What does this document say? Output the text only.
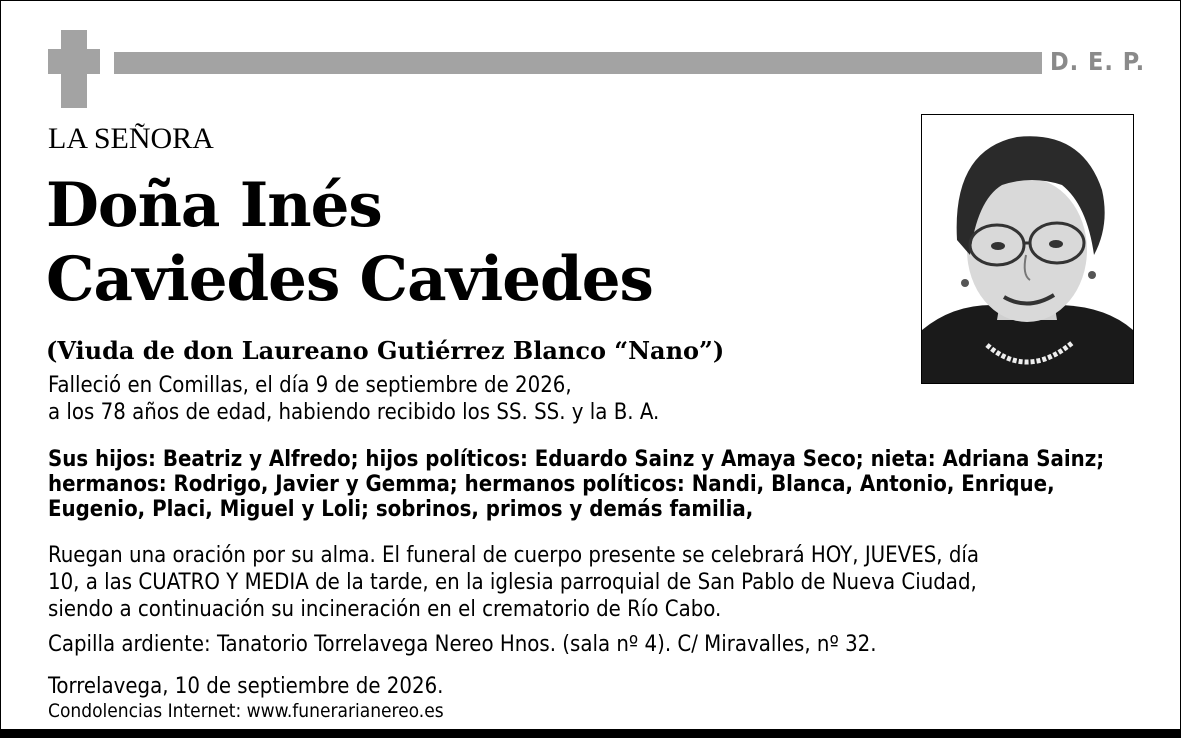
D. E. P.
LA SEÑORA
Doña Inés
Caviedes Caviedes
(Viuda de don Laureano Gutiérrez Blanco “Nano”)
Falleció en Comillas, el día 9 de septiembre de 2026,
a los 78 años de edad, habiendo recibido los SS. SS. y la B. A.
Sus hijos: Beatriz y Alfredo; hijos políticos: Eduardo Sainz y Amaya Seco; nieta: Adriana Sainz;
hermanos: Rodrigo, Javier y Gemma; hermanos políticos: Nandi, Blanca, Antonio, Enrique,
Eugenio, Placi, Miguel y Loli; sobrinos, primos y demás familia,
Ruegan una oración por su alma. El funeral de cuerpo presente se celebrará HOY, JUEVES, día
10, a las CUATRO Y MEDIA de la tarde, en la iglesia parroquial de San Pablo de Nueva Ciudad,
siendo a continuación su incineración en el crematorio de Río Cabo.
Capilla ardiente: Tanatorio Torrelavega Nereo Hnos. (sala nº 4). C/ Miravalles, nº 32.
Torrelavega, 10 de septiembre de 2026.
Condolencias Internet: www.funerarianereo.es
